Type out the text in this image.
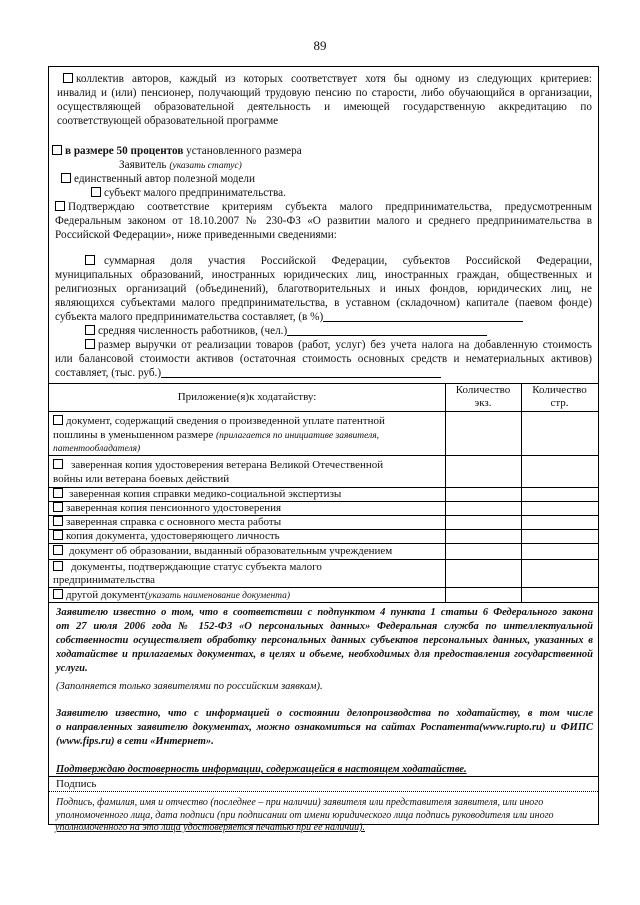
89
коллектив авторов, каждый из которых соответствует хотя бы одному из следующих критериев:
инвалид и (или) пенсионер, получающий трудовую пенсию по старости, либо обучающийся в организации,
осуществляющей образовательной деятельность и имеющей государственную аккредитацию по
соответствующей образовательной программе
в размере 50 процентов установленного размера
Заявитель (указать статус)
единственный автор полезной модели
субъект малого предпринимательства.
Подтверждаю соответствие критериям субъекта малого предпринимательства, предусмотренным
Федеральным законом от 18.10.2007 № 230-ФЗ «О развитии малого и среднего предпринимательства в
Российской Федерации», ниже приведенными сведениями:
суммарная доля участия Российской Федерации, субъектов Российской Федерации,
муниципальных образований, иностранных юридических лиц, иностранных граждан, общественных и
религиозных организаций (объединений), благотворительных и иных фондов, юридических лиц, не
являющихся субъектами малого предпринимательства, в уставном (складочном) капитале (паевом фонде)
субъекта малого предпринимательства составляет, (в %)
средняя численность работников, (чел.)
размер выручки от реализации товаров (работ, услуг) без учета налога на добавленную стоимость
или балансовой стоимости активов (остаточная стоимость основных средств и нематериальных активов)
составляет, (тыс. руб.)
Приложение(я)к ходатайству:
Количество
экз.
Количество
стр.
документ, содержащий сведения о произведенной уплате патентной
пошлины в уменьшенном размере (прилагается по инициативе заявителя,
патентообладателя)
заверенная копия удостоверения ветерана Великой Отечественной
войны или ветерана боевых действий
заверенная копия справки медико-социальной экспертизы
заверенная копия пенсионного удостоверения
заверенная справка с основного места работы
копия документа, удостоверяющего личность
документ об образовании, выданный образовательным учреждением
документы, подтверждающие статус субъекта малого
предпринимательства
другой документ(указать наименование документа)
Заявителю известно о том, что в соответствии с подпунктом 4 пункта 1 статьи 6 Федерального закона
от 27 июля 2006 года № 152-ФЗ «О персональных данных» Федеральная служба по интеллектуальной
собственности осуществляет обработку персональных данных субъектов персональных данных, указанных в
ходатайстве и прилагаемых документах, в целях и объеме, необходимых для предоставления государственной
услуги.
(Заполняется только заявителями по российским заявкам).
Заявителю известно, что с информацией о состоянии делопроизводства по ходатайству, в том числе
о направленных заявителю документах, можно ознакомиться на сайтах Роспатента(www.rupto.ru) и ФИПС
(www.fips.ru) в сети «Интернет».
Подтверждаю достоверность информации, содержащейся в настоящем ходатайстве.
Подпись
Подпись, фамилия, имя и отчество (последнее – при наличии) заявителя или представителя заявителя, или иного
уполномоченного лица, дата подписи (при подписании от имени юридического лица подпись руководителя или иного
уполномоченного на это лица удостоверяется печатью при ее наличии).
